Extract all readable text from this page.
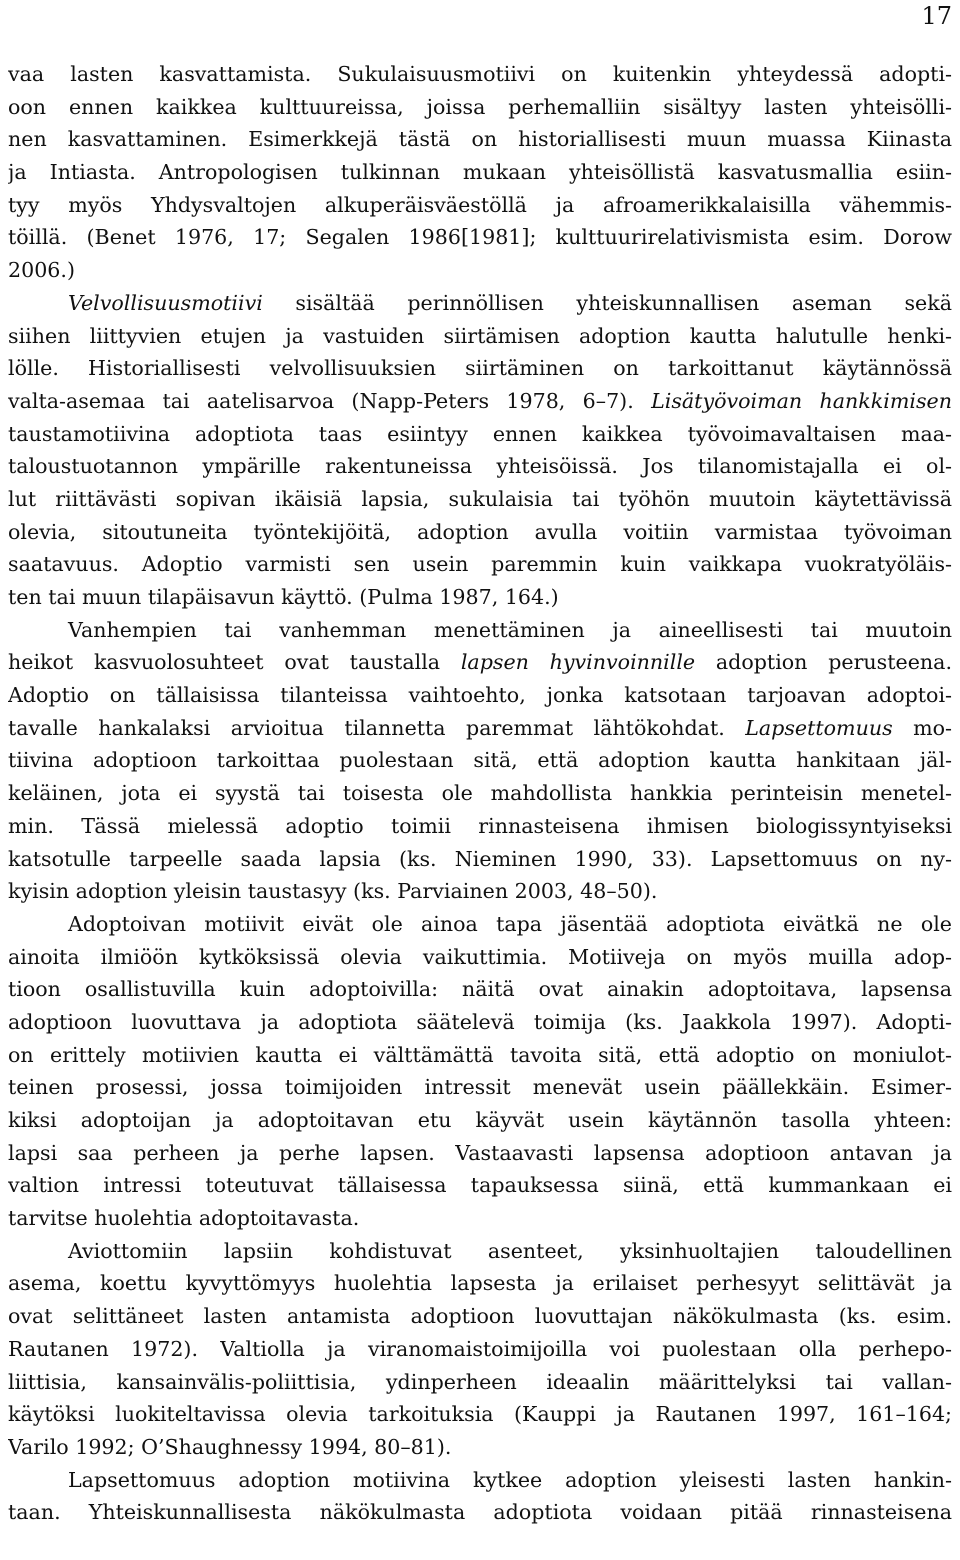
17
vaa lasten kasvattamista. Sukulaisuusmotiivi on kuitenkin yhteydessä adopti-
oon ennen kaikkea kulttuureissa, joissa perhemalliin sisältyy lasten yhteisölli-
nen kasvattaminen. Esimerkkejä tästä on historiallisesti muun muassa Kiinasta
ja Intiasta. Antropologisen tulkinnan mukaan yhteisöllistä kasvatusmallia esiin-
tyy myös Yhdysvaltojen alkuperäisväestöllä ja afroamerikkalaisilla vähemmis-
töillä. (Benet 1976, 17; Segalen 1986[1981]; kulttuurirelativismista esim. Dorow
2006.)
Velvollisuusmotiivi sisältää perinnöllisen yhteiskunnallisen aseman sekä
siihen liittyvien etujen ja vastuiden siirtämisen adoption kautta halutulle henki-
lölle. Historiallisesti velvollisuuksien siirtäminen on tarkoittanut käytännössä
valta-asemaa tai aatelisarvoa (Napp-Peters 1978, 6–7). Lisätyövoiman hankkimisen
taustamotiivina adoptiota taas esiintyy ennen kaikkea työvoimavaltaisen maa-
taloustuotannon ympärille rakentuneissa yhteisöissä. Jos tilanomistajalla ei ol-
lut riittävästi sopivan ikäisiä lapsia, sukulaisia tai työhön muutoin käytettävissä
olevia, sitoutuneita työntekijöitä, adoption avulla voitiin varmistaa työvoiman
saatavuus. Adoptio varmisti sen usein paremmin kuin vaikkapa vuokratyöläis-
ten tai muun tilapäisavun käyttö. (Pulma 1987, 164.)
Vanhempien tai vanhemman menettäminen ja aineellisesti tai muutoin
heikot kasvuolosuhteet ovat taustalla lapsen hyvinvoinnille adoption perusteena.
Adoptio on tällaisissa tilanteissa vaihtoehto, jonka katsotaan tarjoavan adoptoi-
tavalle hankalaksi arvioitua tilannetta paremmat lähtökohdat. Lapsettomuus mo-
tiivina adoptioon tarkoittaa puolestaan sitä, että adoption kautta hankitaan jäl-
keläinen, jota ei syystä tai toisesta ole mahdollista hankkia perinteisin menetel-
min. Tässä mielessä adoptio toimii rinnasteisena ihmisen biologissyntyiseksi
katsotulle tarpeelle saada lapsia (ks. Nieminen 1990, 33). Lapsettomuus on ny-
kyisin adoption yleisin taustasyy (ks. Parviainen 2003, 48–50).
Adoptoivan motiivit eivät ole ainoa tapa jäsentää adoptiota eivätkä ne ole
ainoita ilmiöön kytköksissä olevia vaikuttimia. Motiiveja on myös muilla adop-
tioon osallistuvilla kuin adoptoivilla: näitä ovat ainakin adoptoitava, lapsensa
adoptioon luovuttava ja adoptiota säätelevä toimija (ks. Jaakkola 1997). Adopti-
on erittely motiivien kautta ei välttämättä tavoita sitä, että adoptio on moniulot-
teinen prosessi, jossa toimijoiden intressit menevät usein päällekkäin. Esimer-
kiksi adoptoijan ja adoptoitavan etu käyvät usein käytännön tasolla yhteen:
lapsi saa perheen ja perhe lapsen. Vastaavasti lapsensa adoptioon antavan ja
valtion intressi toteutuvat tällaisessa tapauksessa siinä, että kummankaan ei
tarvitse huolehtia adoptoitavasta.
Aviottomiin lapsiin kohdistuvat asenteet, yksinhuoltajien taloudellinen
asema, koettu kyvyttömyys huolehtia lapsesta ja erilaiset perhesyyt selittävät ja
ovat selittäneet lasten antamista adoptioon luovuttajan näkökulmasta (ks. esim.
Rautanen 1972). Valtiolla ja viranomaistoimijoilla voi puolestaan olla perhepo-
liittisia, kansainvälis-poliittisia, ydinperheen ideaalin määrittelyksi tai vallan-
käytöksi luokiteltavissa olevia tarkoituksia (Kauppi ja Rautanen 1997, 161–164;
Varilo 1992; O’Shaughnessy 1994, 80–81).
Lapsettomuus adoption motiivina kytkee adoption yleisesti lasten hankin-
taan. Yhteiskunnallisesta näkökulmasta adoptiota voidaan pitää rinnasteisena
